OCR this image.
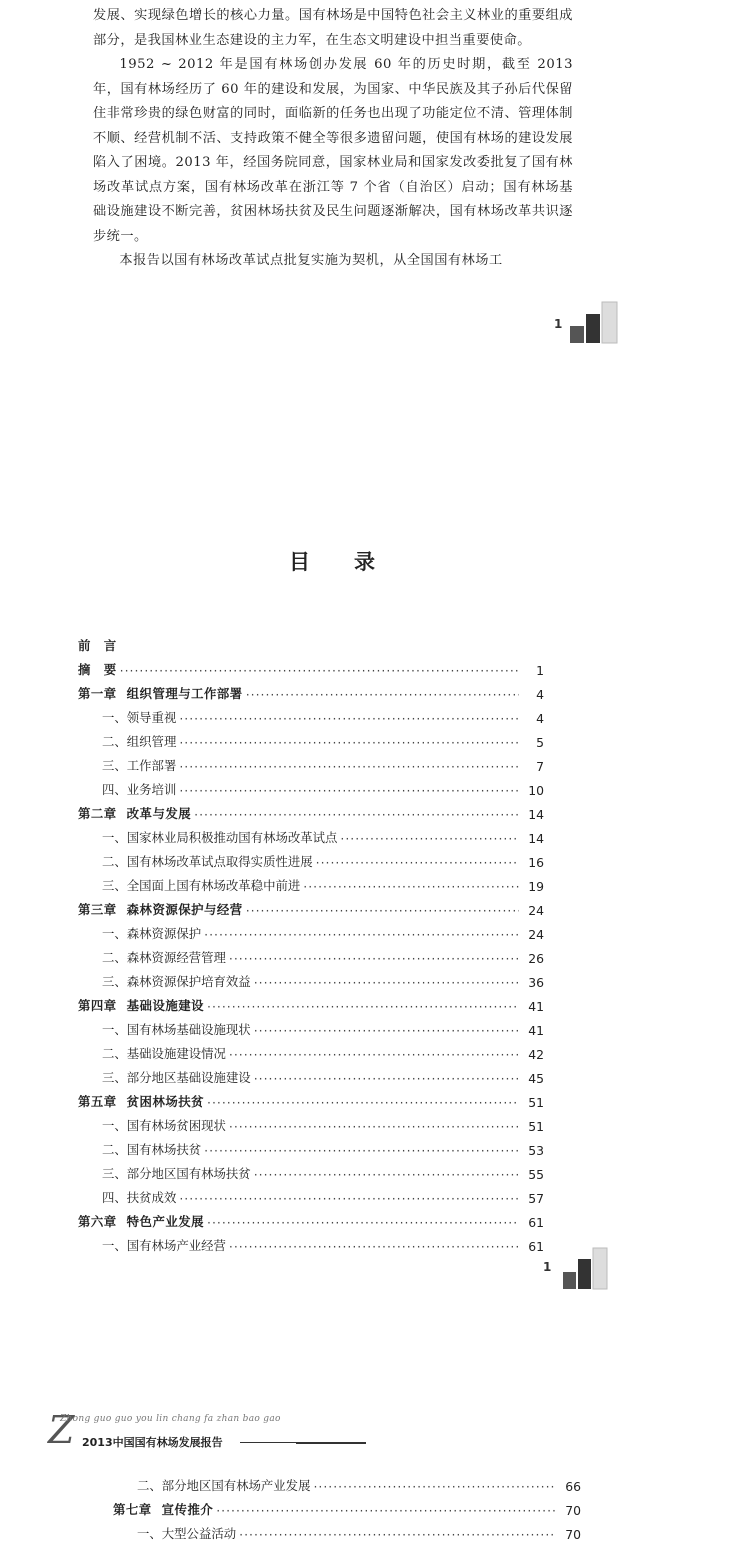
发展、实现绿色增长的核心力量。国有林场是中国特色社会主义林业的重要组成部分，是我国林业生态建设的主力军，在生态文明建设中担当重要使命。

1952 ~ 2012 年是国有林场创办发展 60 年的历史时期，截至 2013 年，国有林场经历了 60 年的建设和发展，为国家、中华民族及其子孙后代保留住非常珍贵的绿色财富的同时，面临新的任务也出现了功能定位不清、管理体制不顺、经营机制不活、支持政策不健全等很多遗留问题，使国有林场的建设发展陷入了困境。2013 年，经国务院同意，国家林业局和国家发改委批复了国有林场改革试点方案，国有林场改革在浙江等 7 个省（自治区）启动；国有林场基础设施建设不断完善，贫困林场扶贫及民生问题逐渐解决，国有林场改革共识逐步统一。

本报告以国有林场改革试点批复实施为契机，从全国国有林场工

1
目录
前　言
摘　要 ·····	1
第一章 组织管理与工作部署 ·····	4
一、领导重视 ·····	4
二、组织管理 ·····	5
三、工作部署 ·····	7
四、业务培训 ·····	10
第二章 改革与发展 ·····	14
一、国家林业局积极推动国有林场改革试点 ·····	14
二、国有林场改革试点取得实质性进展 ·····	16
三、全国面上国有林场改革稳中前进 ·····	19
第三章 森林资源保护与经营 ·····	24
一、森林资源保护 ·····	24
二、森林资源经营管理 ·····	26
三、森林资源保护培育效益 ·····	36
第四章 基础设施建设 ·····	41
一、国有林场基础设施现状 ·····	41
二、基础设施建设情况 ·····	42
三、部分地区基础设施建设 ·····	45
第五章 贫困林场扶贫 ·····	51
一、国有林场贫困现状 ·····	51
二、国有林场扶贫 ·····	53
三、部分地区国有林场扶贫 ·····	55
四、扶贫成效 ·····	57
第六章 特色产业发展 ·····	61
一、国有林场产业经营 ·····	61
1
Z
Zhong guo guo you lin chang fa zhan bao gao
2013中国国有林场发展报告
二、部分地区国有林场产业发展 ·····	66
第七章 宣传推介 ·····	70
一、大型公益活动 ·····	70
